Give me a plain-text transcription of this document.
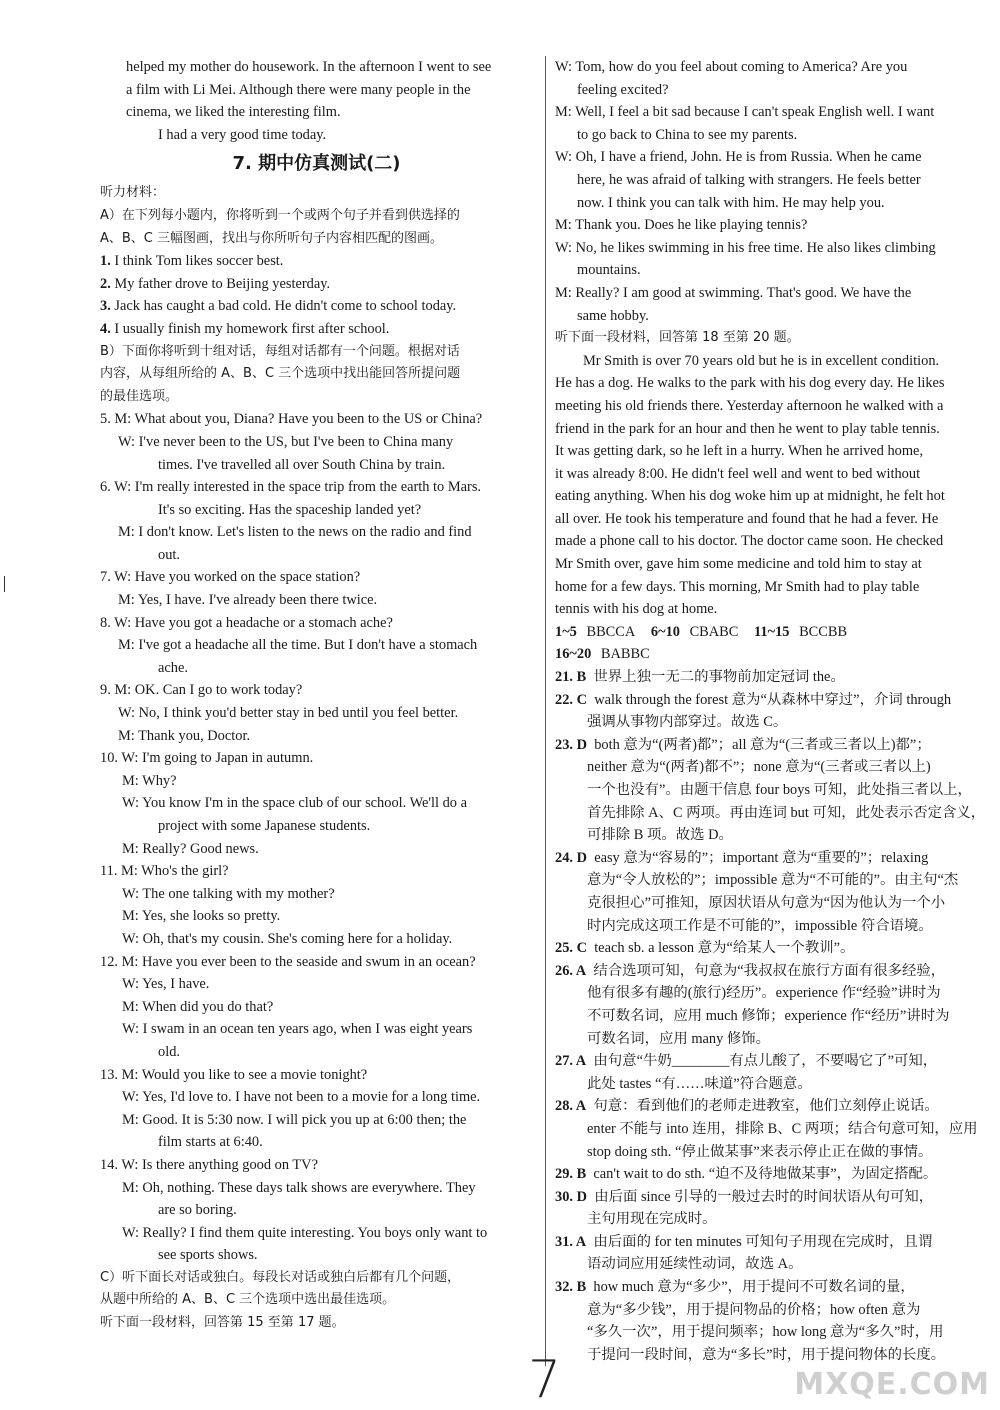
helped my mother do housework. In the afternoon I went to see
a film with Li Mei. Although there were many people in the
cinema, we liked the interesting film.
I had a very good time today.
7. 期中仿真测试(二)
听力材料：
A）在下列每小题内，你将听到一个或两个句子并看到供选择的
A、B、C 三幅图画，找出与你所听句子内容相匹配的图画。
1. I think Tom likes soccer best.
2. My father drove to Beijing yesterday.
3. Jack has caught a bad cold. He didn't come to school today.
4. I usually finish my homework first after school.
B）下面你将听到十组对话，每组对话都有一个问题。根据对话
内容，从每组所给的 A、B、C 三个选项中找出能回答所提问题
的最佳选项。
5. M: What about you, Diana? Have you been to the US or China?
W: I've never been to the US, but I've been to China many
times. I've travelled all over South China by train.
6. W: I'm really interested in the space trip from the earth to Mars.
It's so exciting. Has the spaceship landed yet?
M: I don't know. Let's listen to the news on the radio and find
out.
7. W: Have you worked on the space station?
M: Yes, I have. I've already been there twice.
8. W: Have you got a headache or a stomach ache?
M: I've got a headache all the time. But I don't have a stomach
ache.
9. M: OK. Can I go to work today?
W: No, I think you'd better stay in bed until you feel better.
M: Thank you, Doctor.
10. W: I'm going to Japan in autumn.
M: Why?
W: You know I'm in the space club of our school. We'll do a
project with some Japanese students.
M: Really? Good news.
11. M: Who's the girl?
W: The one talking with my mother?
M: Yes, she looks so pretty.
W: Oh, that's my cousin. She's coming here for a holiday.
12. M: Have you ever been to the seaside and swum in an ocean?
W: Yes, I have.
M: When did you do that?
W: I swam in an ocean ten years ago, when I was eight years
old.
13. M: Would you like to see a movie tonight?
W: Yes, I'd love to. I have not been to a movie for a long time.
M: Good. It is 5:30 now. I will pick you up at 6:00 then; the
film starts at 6:40.
14. W: Is there anything good on TV?
M: Oh, nothing. These days talk shows are everywhere. They
are so boring.
W: Really? I find them quite interesting. You boys only want to
see sports shows.
C）听下面长对话或独白。每段长对话或独白后都有几个问题，
从题中所给的 A、B、C 三个选项中选出最佳选项。
听下面一段材料，回答第 15 至第 17 题。
W: Tom, how do you feel about coming to America? Are you
feeling excited?
M: Well, I feel a bit sad because I can't speak English well. I want
to go back to China to see my parents.
W: Oh, I have a friend, John. He is from Russia. When he came
here, he was afraid of talking with strangers. He feels better
now. I think you can talk with him. He may help you.
M: Thank you. Does he like playing tennis?
W: No, he likes swimming in his free time. He also likes climbing
mountains.
M: Really? I am good at swimming. That's good. We have the
same hobby.
听下面一段材料，回答第 18 至第 20 题。
Mr Smith is over 70 years old but he is in excellent condition.
He has a dog. He walks to the park with his dog every day. He likes
meeting his old friends there. Yesterday afternoon he walked with a
friend in the park for an hour and then he went to play table tennis.
It was getting dark, so he left in a hurry. When he arrived home,
it was already 8:00. He didn't feel well and went to bed without
eating anything. When his dog woke him up at midnight, he felt hot
all over. He took his temperature and found that he had a fever. He
made a phone call to his doctor. The doctor came soon. He checked
Mr Smith over, gave him some medicine and told him to stay at
home for a few days. This morning, Mr Smith had to play table
tennis with his dog at home.
1~5 BBCCA 6~10 CBABC 11~15 BCCBB
16~20 BABBC
21. B 世界上独一无二的事物前加定冠词 the。
22. C walk through the forest 意为“从森林中穿过”，介词 through
强调从事物内部穿过。故选 C。
23. D both 意为“(两者)都”；all 意为“(三者或三者以上)都”；
neither 意为“(两者)都不”；none 意为“(三者或三者以上)
一个也没有”。由题干信息 four boys 可知，此处指三者以上，
首先排除 A、C 两项。再由连词 but 可知，此处表示否定含义，
可排除 B 项。故选 D。
24. D easy 意为“容易的”；important 意为“重要的”；relaxing
意为“令人放松的”；impossible 意为“不可能的”。由主句“杰
克很担心”可推知，原因状语从句意为“因为他认为一个小
时内完成这项工作是不可能的”，impossible 符合语境。
25. C teach sb. a lesson 意为“给某人一个教训”。
26. A 结合选项可知，句意为“我叔叔在旅行方面有很多经验，
他有很多有趣的(旅行)经历”。experience 作“经验”讲时为
不可数名词，应用 much 修饰；experience 作“经历”讲时为
可数名词，应用 many 修饰。
27. A 由句意“牛奶________有点儿酸了，不要喝它了”可知，
此处 tastes “有……味道”符合题意。
28. A 句意：看到他们的老师走进教室，他们立刻停止说话。
enter 不能与 into 连用，排除 B、C 两项；结合句意可知，应用
stop doing sth. “停止做某事”来表示停止正在做的事情。
29. B can't wait to do sth. “迫不及待地做某事”，为固定搭配。
30. D 由后面 since 引导的一般过去时的时间状语从句可知，
主句用现在完成时。
31. A 由后面的 for ten minutes 可知句子用现在完成时，且谓
语动词应用延续性动词，故选 A。
32. B how much 意为“多少”，用于提问不可数名词的量，
意为“多少钱”，用于提问物品的价格；how often 意为
“多久一次”，用于提问频率；how long 意为“多久”时，用
于提问一段时间，意为“多长”时，用于提问物体的长度。
7	MXQE.COM
